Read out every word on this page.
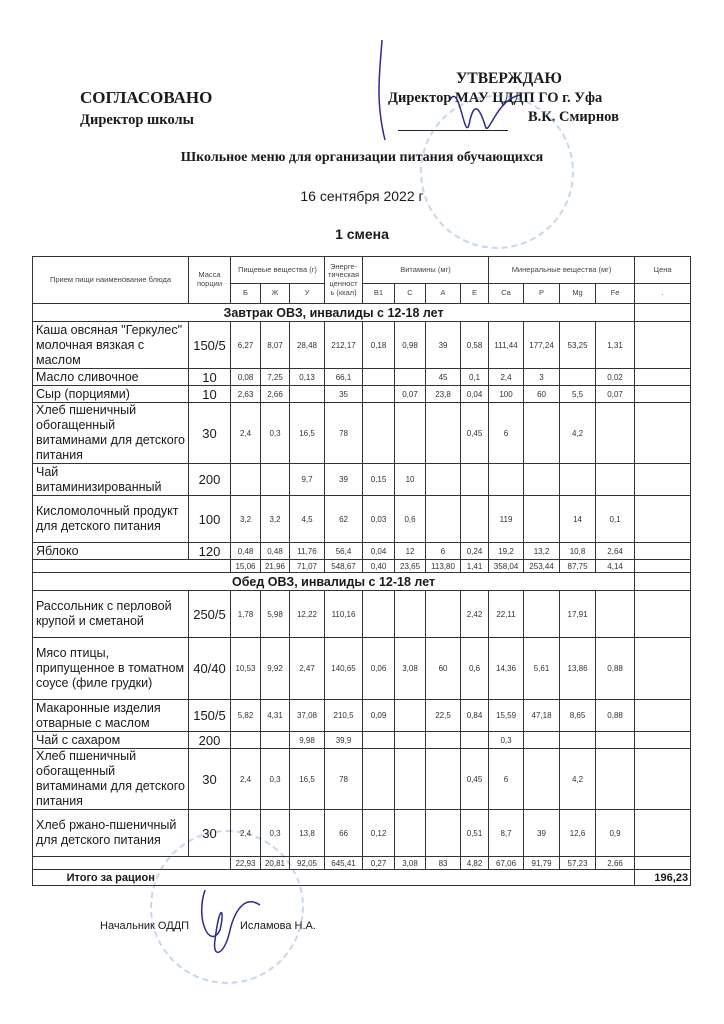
СОГЛАСОВАНО
Директор школы
УТВЕРЖДАЮ
Директор МАУ ЦДДП ГО г. Уфа
В.К. Смирнов
Школьное меню для организации питания обучающихся
16 сентября 2022 г
1 смена
Прием пищи наименование блюда	Масса порции	Пищевые вещества (г)			Энерге-тическая ценност ь (ккал)	Витамины (мг)				Минеральные вещества (мг)				Цена
		Б	Ж	У		В1	С	А	Е	Ca	P	Mg	Fe	.
Завтрак ОВЗ, инвалиды с 12-18 лет														
Каша овсяная "Геркулес" молочная вязкая с маслом	150/5	6,27	8,07	28,48	212,17	0,18	0,98	39	0,58	111,44	177,24	53,25	1,31	
Масло сливочное	10	0,08	7,25	0,13	66,1			45	0,1	2,4	3		0,02	
Сыр (порциями)	10	2,63	2,66		35		0,07	23,8	0,04	100	60	5,5	0,07	
Хлеб пшеничный обогащенный витаминами для детского питания	30	2,4	0,3	16,5	78				0,45	6		4,2		
Чай витаминизированный	200			9,7	39	0,15	10							
Кисломолочный продукт для детского питания	100	3,2	3,2	4,5	62	0,03	0,6			119		14	0,1	
Яблоко	120	0,48	0,48	11,76	56,4	0,04	12	6	0,24	19,2	13,2	10,8	2,64	
		15,06	21,96	71,07	548,67	0,40	23,65	113,80	1,41	358,04	253,44	87,75	4,14	
Обед ОВЗ, инвалиды с 12-18 лет														
Рассольник с перловой крупой и сметаной	250/5	1,78	5,98	12,22	110,16				2,42	22,11		17,91		
Мясо птицы, припущенное в томатном соусе (филе грудки)	40/40	10,53	9,92	2,47	140,65	0,06	3,08	60	0,6	14,36	5,61	13,86	0,88	
Макаронные изделия отварные с маслом	150/5	5,82	4,31	37,08	210,5	0,09		22,5	0,84	15,59	47,18	8,65	0,88	
Чай с сахаром	200			9,98	39,9					0,3				
Хлеб пшеничный обогащенный витаминами для детского питания	30	2,4	0,3	16,5	78				0,45	6		4,2		
Хлеб ржано-пшеничный для детского питания	30	2,4	0,3	13,8	66	0,12			0,51	8,7	39	12,6	0,9	
		22,93	20,81	92,05	645,41	0,27	3,08	83	4,82	67,06	91,79	57,23	2,66	
Итого за рацион														196,23
Начальник ОДДП	Исламова Н.А.
